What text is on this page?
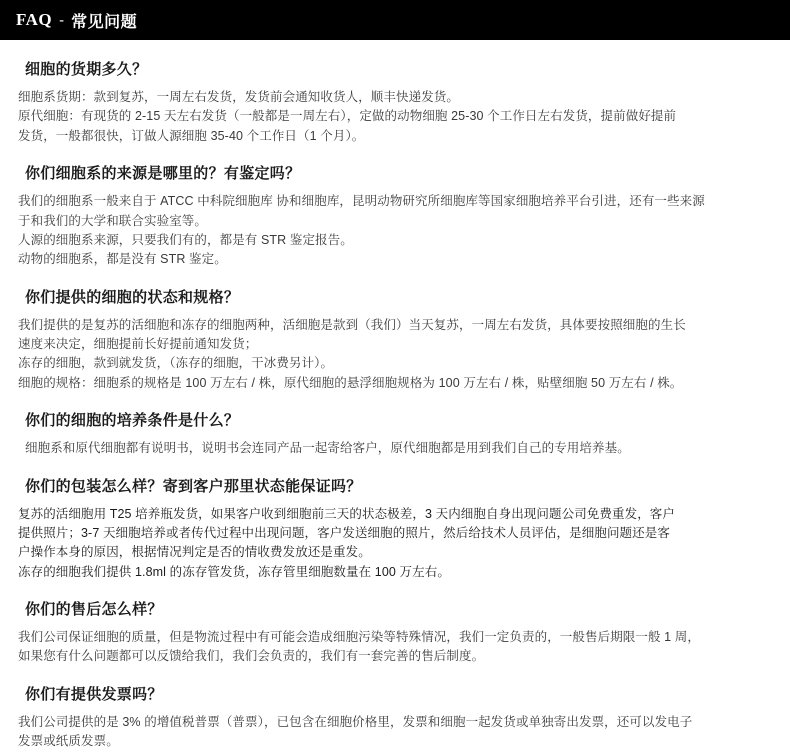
FAQ - 常见问题
细胞的货期多久？

细胞系货期：款到复苏，一周左右发货，发货前会通知收货人，顺丰快递发货。

原代细胞：有现货的 2-15 天左右发货（一般都是一周左右），定做的动物细胞 25-30 个工作日左右发货，提前做好提前

发货，一般都很快，订做人源细胞 35-40 个工作日（1 个月）。

你们细胞系的来源是哪里的？有鉴定吗？

我们的细胞系一般来自于 ATCC 中科院细胞库 协和细胞库，昆明动物研究所细胞库等国家细胞培养平台引进，还有一些来源

于和我们的大学和联合实验室等。

人源的细胞系来源，只要我们有的，都是有 STR 鉴定报告。

动物的细胞系，都是没有 STR 鉴定。

你们提供的细胞的状态和规格？

我们提供的是复苏的活细胞和冻存的细胞两种，活细胞是款到（我们）当天复苏，一周左右发货，具体要按照细胞的生长

速度来决定，细胞提前长好提前通知发货；

冻存的细胞，款到就发货，（冻存的细胞，干冰费另计）。

细胞的规格：细胞系的规格是 100 万左右 / 株，原代细胞的悬浮细胞规格为 100 万左右 / 株，贴壁细胞 50 万左右 / 株。

你们的细胞的培养条件是什么？

细胞系和原代细胞都有说明书，说明书会连同产品一起寄给客户，原代细胞都是用到我们自己的专用培养基。

你们的包装怎么样？寄到客户那里状态能保证吗？

复苏的活细胞用 T25 培养瓶发货，如果客户收到细胞前三天的状态极差，3 天内细胞自身出现问题公司免费重发，客户

提供照片；3-7 天细胞培养或者传代过程中出现问题，客户发送细胞的照片，然后给技术人员评估，是细胞问题还是客

户操作本身的原因，根据情况判定是否的情收费发放还是重发。

冻存的细胞我们提供 1.8ml 的冻存管发货，冻存管里细胞数量在 100 万左右。

你们的售后怎么样？

我们公司保证细胞的质量，但是物流过程中有可能会造成细胞污染等特殊情况，我们一定负责的，一般售后期限一般 1 周，

如果您有什么问题都可以反馈给我们，我们会负责的，我们有一套完善的售后制度。

你们有提供发票吗？

我们公司提供的是 3% 的增值税普票（普票），已包含在细胞价格里，发票和细胞一起发货或单独寄出发票，还可以发电子

发票或纸质发票。
